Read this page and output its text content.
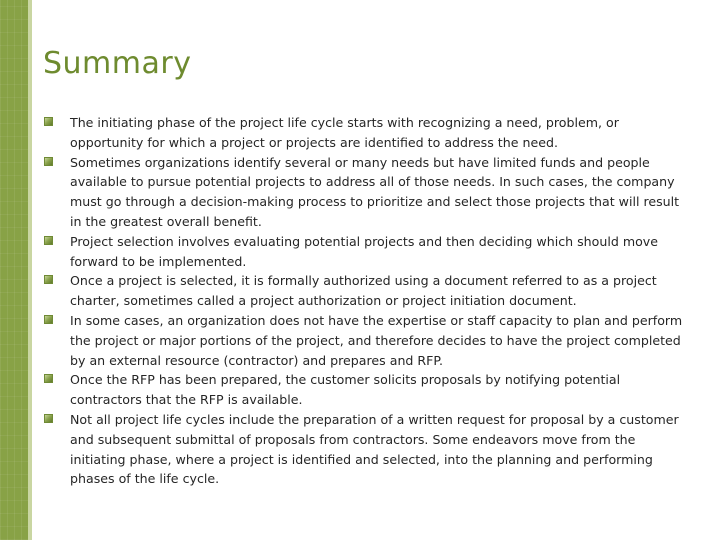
Summary
The initiating phase of the project life cycle starts with recognizing a need, problem, or opportunity for which a project or projects are identified to address the need.
Sometimes organizations identify several or many needs but have limited funds and people available to pursue potential projects to address all of those needs. In such cases, the company must go through a decision-making process to prioritize and select those projects that will result in the greatest overall benefit.
Project selection involves evaluating potential projects and then deciding which should move forward to be implemented.
Once a project is selected, it is formally authorized using a document referred to as a project charter, sometimes called a project authorization or project initiation document.
In some cases, an organization does not have the expertise or staff capacity to plan and perform the project or major portions of the project, and therefore decides to have the project completed by an external resource (contractor) and prepares and RFP.
Once the RFP has been prepared, the customer solicits proposals by notifying potential contractors that the RFP is available.
Not all project life cycles include the preparation of a written request for proposal by a customer and subsequent submittal of proposals from contractors. Some endeavors move from the initiating phase, where a project is identified and selected, into the planning and performing phases of the life cycle.
